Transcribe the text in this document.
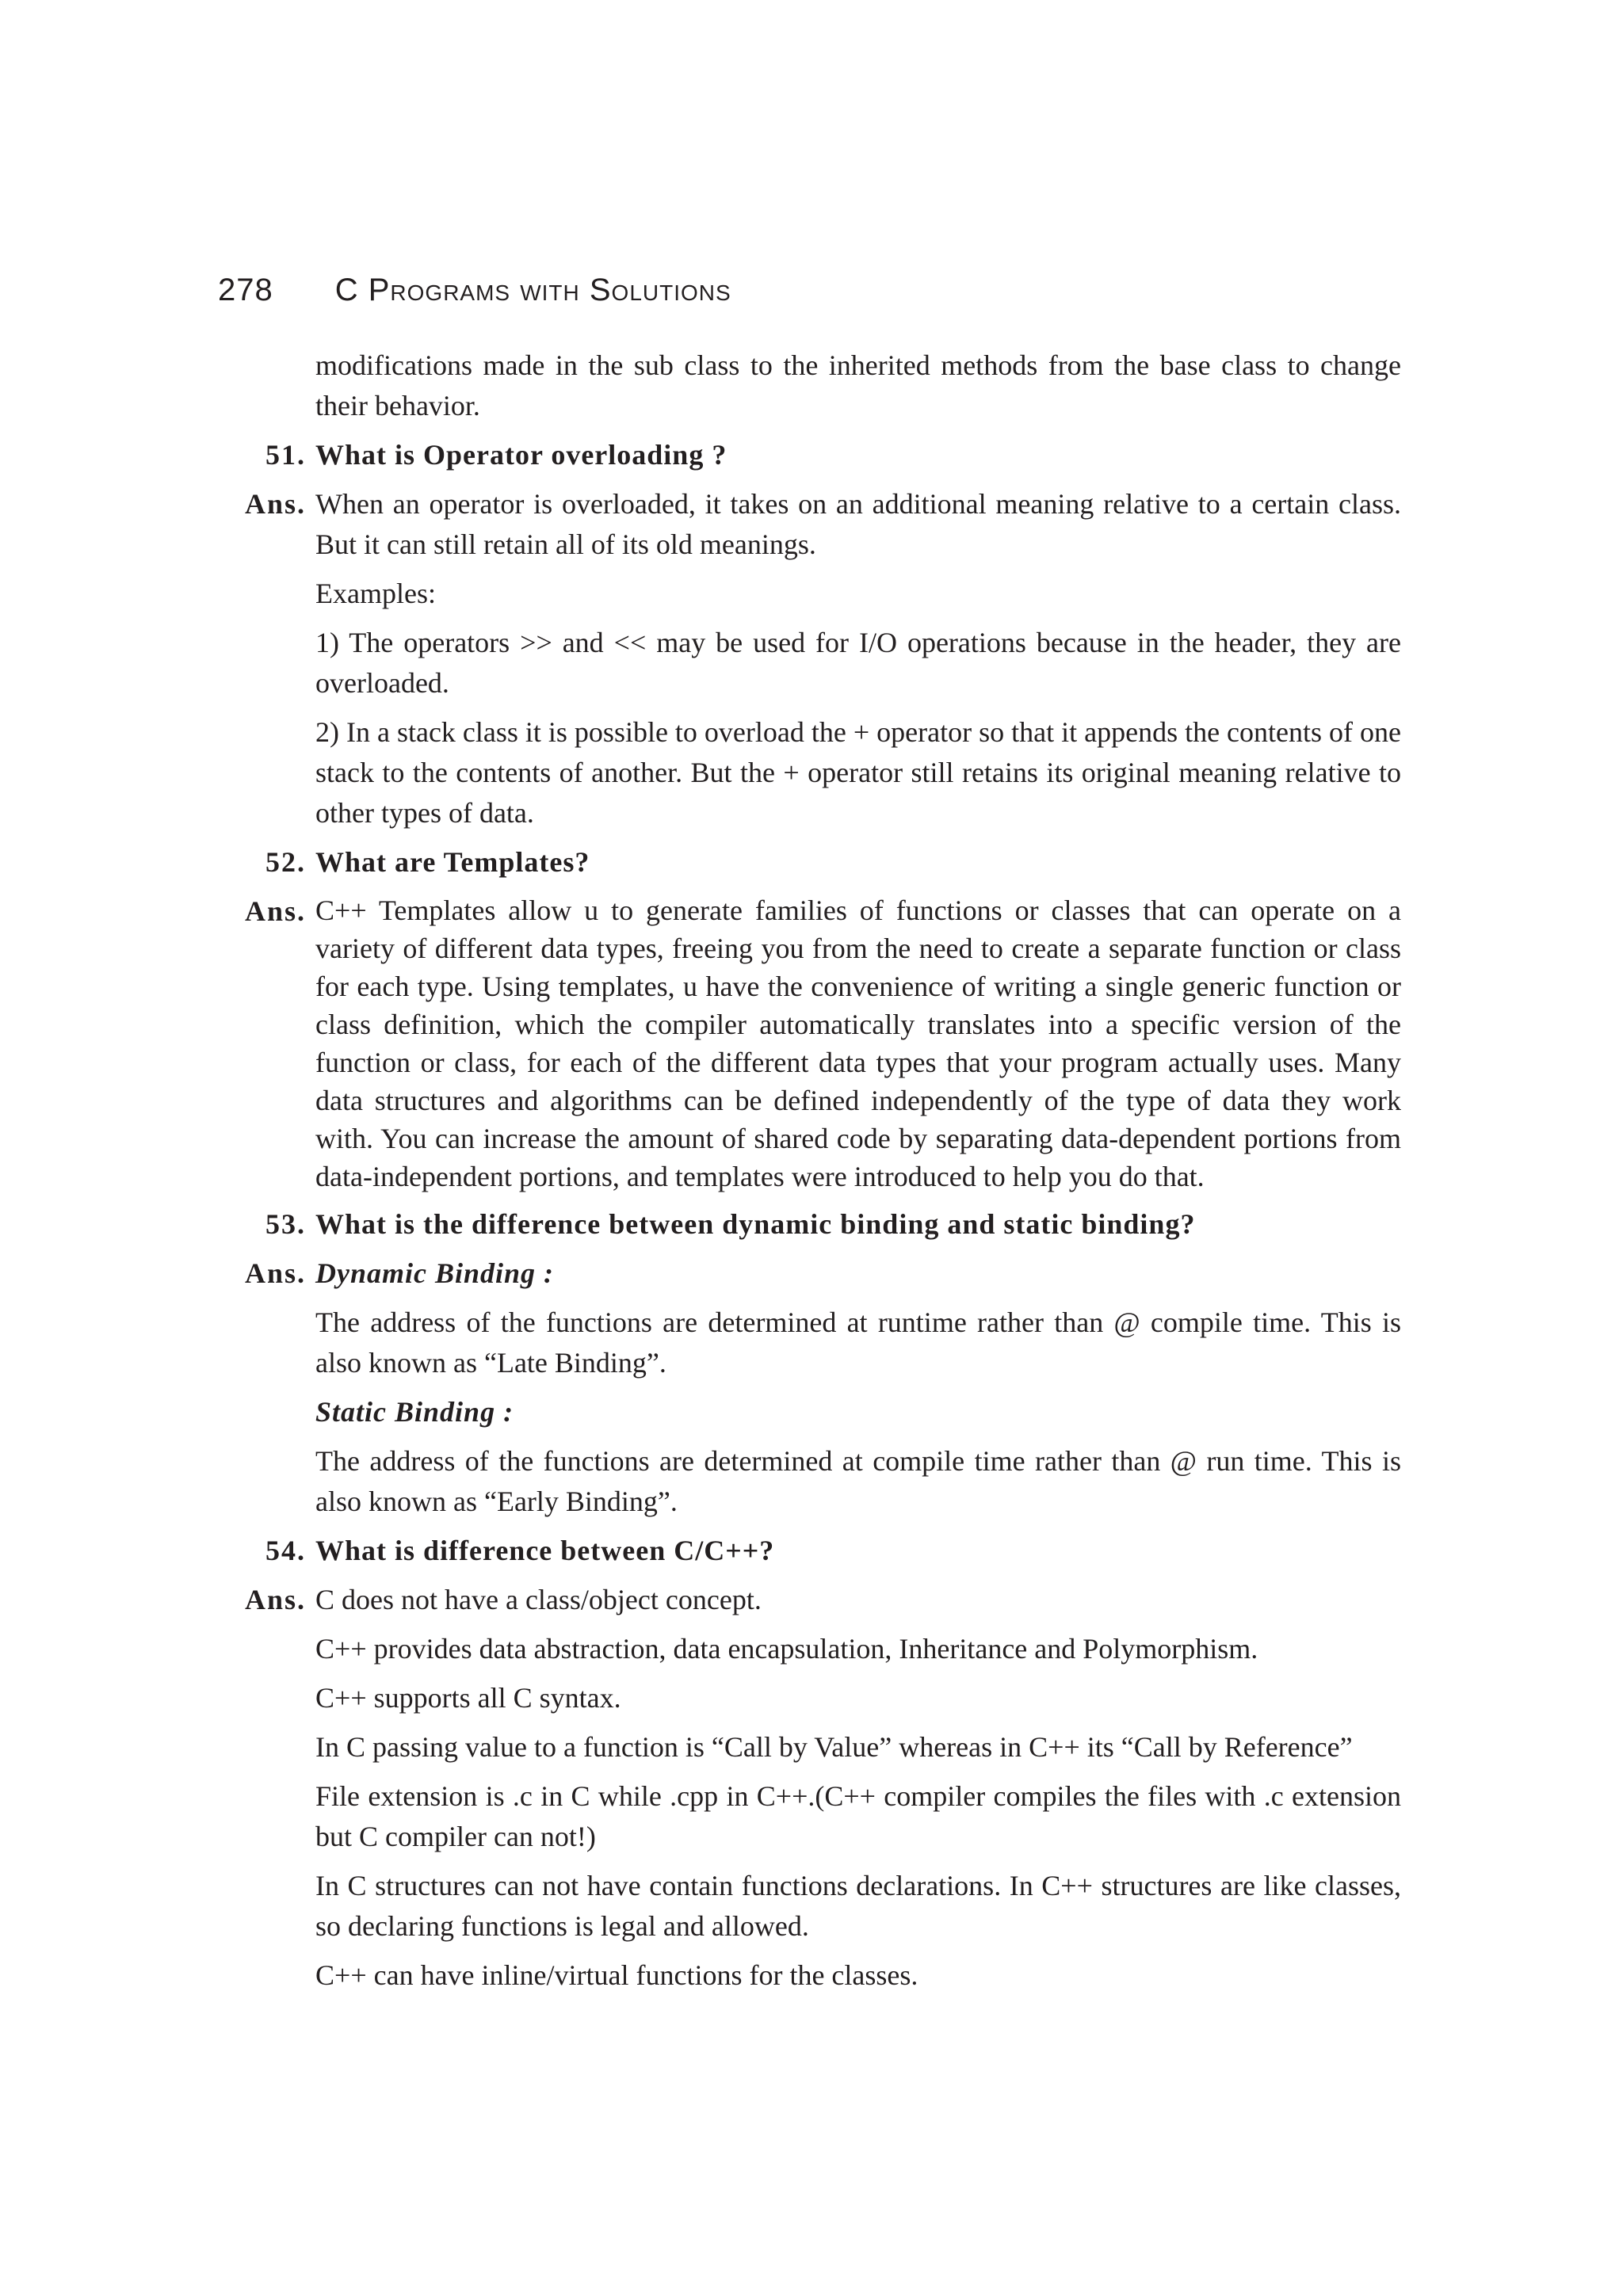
278 C Programs with Solutions

modifications made in the sub class to the inherited methods from the base class to change their behavior.

51. What is Operator overloading ?
Ans. When an operator is overloaded, it takes on an additional meaning relative to a certain class. But it can still retain all of its old meanings.

Examples:

1) The operators >> and << may be used for I/O operations because in the header, they are overloaded.

2) In a stack class it is possible to overload the + operator so that it appends the contents of one stack to the contents of another. But the + operator still retains its original meaning relative to other types of data.

52. What are Templates?
Ans. C++ Templates allow u to generate families of functions or classes that can operate on a variety of different data types, freeing you from the need to create a separate function or class for each type. Using templates, u have the convenience of writing a single generic function or class definition, which the compiler automatically translates into a specific version of the function or class, for each of the different data types that your program actually uses. Many data structures and algorithms can be defined independently of the type of data they work with. You can increase the amount of shared code by separating data-dependent portions from data-independent portions, and templates were introduced to help you do that.

53. What is the difference between dynamic binding and static binding?
Ans. Dynamic Binding :

The address of the functions are determined at runtime rather than @ compile time. This is also known as “Late Binding”.

Static Binding :

The address of the functions are determined at compile time rather than @ run time. This is also known as “Early Binding”.

54. What is difference between C/C++?
Ans. C does not have a class/object concept.

C++ provides data abstraction, data encapsulation, Inheritance and Polymorphism.

C++ supports all C syntax.

In C passing value to a function is “Call by Value” whereas in C++ its “Call by Reference”

File extension is .c in C while .cpp in C++.(C++ compiler compiles the files with .c extension but C compiler can not!)

In C structures can not have contain functions declarations. In C++ structures are like classes, so declaring functions is legal and allowed.

C++ can have inline/virtual functions for the classes.
